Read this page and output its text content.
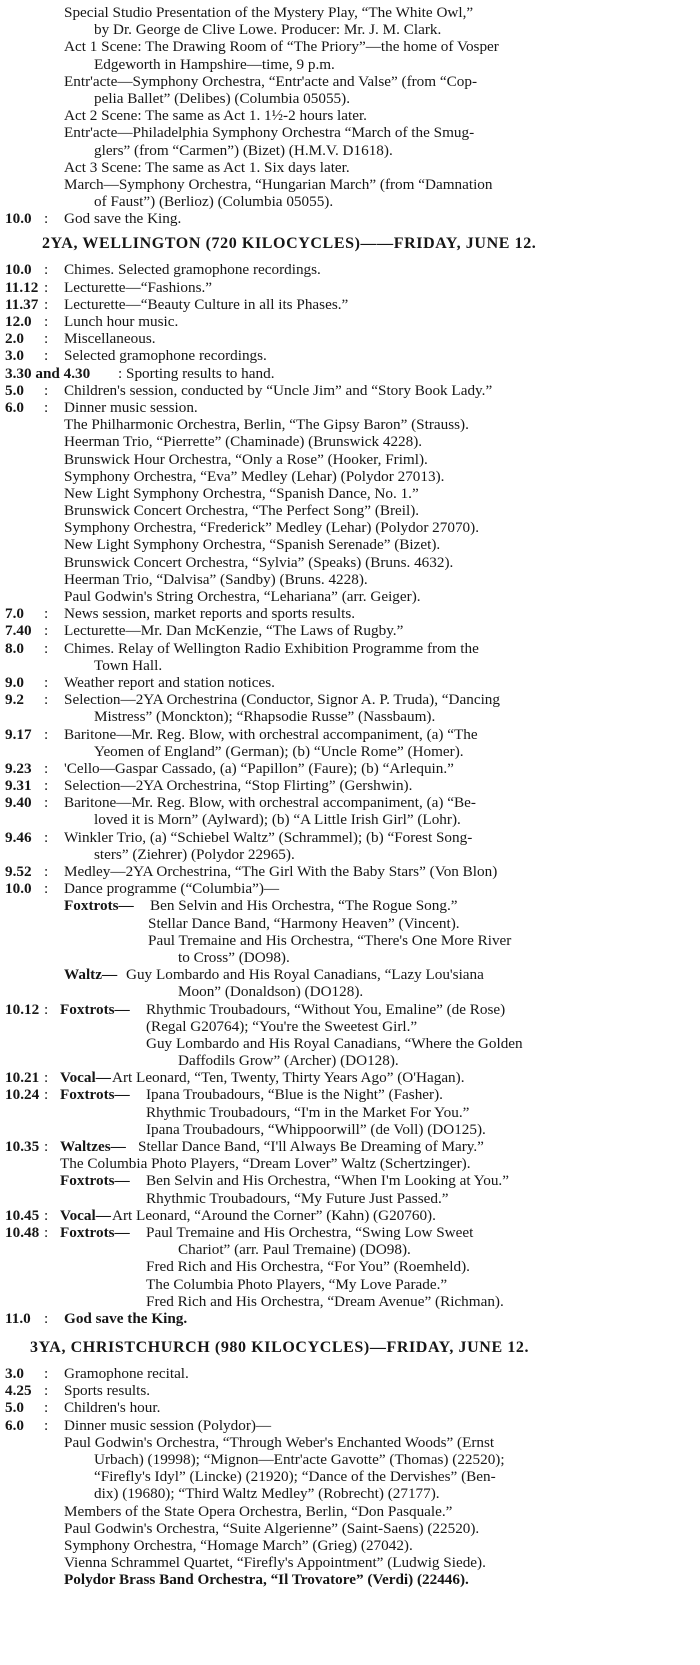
Special Studio Presentation of the Mystery Play, “The White Owl,”
by Dr. George de Clive Lowe. Producer: Mr. J. M. Clark.
Act 1 Scene: The Drawing Room of “The Priory”—the home of Vosper
Edgeworth in Hampshire—time, 9 p.m.
Entr'acte—Symphony Orchestra, “Entr'acte and Valse” (from “Cop-
pelia Ballet” (Delibes) (Columbia 05055).
Act 2 Scene: The same as Act 1. 1½-2 hours later.
Entr'acte—Philadelphia Symphony Orchestra “March of the Smug-
glers” (from “Carmen”) (Bizet) (H.M.V. D1618).
Act 3 Scene: The same as Act 1. Six days later.
March—Symphony Orchestra, “Hungarian March” (from “Damnation
of Faust”) (Berlioz) (Columbia 05055).
10.0 : God save the King.
2YA, WELLINGTON (720 KILOCYCLES)——FRIDAY, JUNE 12.
10.0 : Chimes. Selected gramophone recordings.
11.12 : Lecturette—“Fashions.”
11.37 : Lecturette—“Beauty Culture in all its Phases.”
12.0 : Lunch hour music.
2.0 : Miscellaneous.
3.0 : Selected gramophone recordings.
3.30 and 4.30 : Sporting results to hand.
5.0 : Children's session, conducted by “Uncle Jim” and “Story Book Lady.”
6.0 : Dinner music session.
The Philharmonic Orchestra, Berlin, “The Gipsy Baron” (Strauss).
Heerman Trio, “Pierrette” (Chaminade) (Brunswick 4228).
Brunswick Hour Orchestra, “Only a Rose” (Hooker, Friml).
Symphony Orchestra, “Eva” Medley (Lehar) (Polydor 27013).
New Light Symphony Orchestra, “Spanish Dance, No. 1.”
Brunswick Concert Orchestra, “The Perfect Song” (Breil).
Symphony Orchestra, “Frederick” Medley (Lehar) (Polydor 27070).
New Light Symphony Orchestra, “Spanish Serenade” (Bizet).
Brunswick Concert Orchestra, “Sylvia” (Speaks) (Bruns. 4632).
Heerman Trio, “Dalvisa” (Sandby) (Bruns. 4228).
Paul Godwin's String Orchestra, “Lehariana” (arr. Geiger).
7.0 : News session, market reports and sports results.
7.40 : Lecturette—Mr. Dan McKenzie, “The Laws of Rugby.”
8.0 : Chimes. Relay of Wellington Radio Exhibition Programme from the
Town Hall.
9.0 : Weather report and station notices.
9.2 : Selection—2YA Orchestrina (Conductor, Signor A. P. Truda), “Dancing
Mistress” (Monckton); “Rhapsodie Russe” (Nassbaum).
9.17 : Baritone—Mr. Reg. Blow, with orchestral accompaniment, (a) “The
Yeomen of England” (German); (b) “Uncle Rome” (Homer).
9.23 : 'Cello—Gaspar Cassado, (a) “Papillon” (Faure); (b) “Arlequin.”
9.31 : Selection—2YA Orchestrina, “Stop Flirting” (Gershwin).
9.40 : Baritone—Mr. Reg. Blow, with orchestral accompaniment, (a) “Be-
loved it is Morn” (Aylward); (b) “A Little Irish Girl” (Lohr).
9.46 : Winkler Trio, (a) “Schiebel Waltz” (Schrammel); (b) “Forest Song-
sters” (Ziehrer) (Polydor 22965).
9.52 : Medley—2YA Orchestrina, “The Girl With the Baby Stars” (Von Blon)
10.0 : Dance programme (“Columbia”)—
Foxtrots— Ben Selvin and His Orchestra, “The Rogue Song.”
Stellar Dance Band, “Harmony Heaven” (Vincent).
Paul Tremaine and His Orchestra, “There's One More River
to Cross” (DO98).
Waltz— Guy Lombardo and His Royal Canadians, “Lazy Lou'siana
Moon” (Donaldson) (DO128).
10.12 : Foxtrots— Rhythmic Troubadours, “Without You, Emaline” (de Rose)
(Regal G20764); “You're the Sweetest Girl.”
Guy Lombardo and His Royal Canadians, “Where the Golden
Daffodils Grow” (Archer) (DO128).
10.21 : Vocal— Art Leonard, “Ten, Twenty, Thirty Years Ago” (O'Hagan).
10.24 : Foxtrots— Ipana Troubadours, “Blue is the Night” (Fasher).
Rhythmic Troubadours, “I'm in the Market For You.”
Ipana Troubadours, “Whippoorwill” (de Voll) (DO125).
10.35 : Waltzes— Stellar Dance Band, “I'll Always Be Dreaming of Mary.”
The Columbia Photo Players, “Dream Lover” Waltz (Schertzinger).
Foxtrots— Ben Selvin and His Orchestra, “When I'm Looking at You.”
Rhythmic Troubadours, “My Future Just Passed.”
10.45 : Vocal— Art Leonard, “Around the Corner” (Kahn) (G20760).
10.48 : Foxtrots— Paul Tremaine and His Orchestra, “Swing Low Sweet
Chariot” (arr. Paul Tremaine) (DO98).
Fred Rich and His Orchestra, “For You” (Roemheld).
The Columbia Photo Players, “My Love Parade.”
Fred Rich and His Orchestra, “Dream Avenue” (Richman).
11.0 : God save the King.
3YA, CHRISTCHURCH (980 KILOCYCLES)—FRIDAY, JUNE 12.
3.0 : Gramophone recital.
4.25 : Sports results.
5.0 : Children's hour.
6.0 : Dinner music session (Polydor)—
Paul Godwin's Orchestra, “Through Weber's Enchanted Woods” (Ernst
Urbach) (19998); “Mignon—Entr'acte Gavotte” (Thomas) (22520);
“Firefly's Idyl” (Lincke) (21920); “Dance of the Dervishes” (Ben-
dix) (19680); “Third Waltz Medley” (Robrecht) (27177).
Members of the State Opera Orchestra, Berlin, “Don Pasquale.”
Paul Godwin's Orchestra, “Suite Algerienne” (Saint-Saens) (22520).
Symphony Orchestra, “Homage March” (Grieg) (27042).
Vienna Schrammel Quartet, “Firefly's Appointment” (Ludwig Siede).
Polydor Brass Band Orchestra, “Il Trovatore” (Verdi) (22446).
